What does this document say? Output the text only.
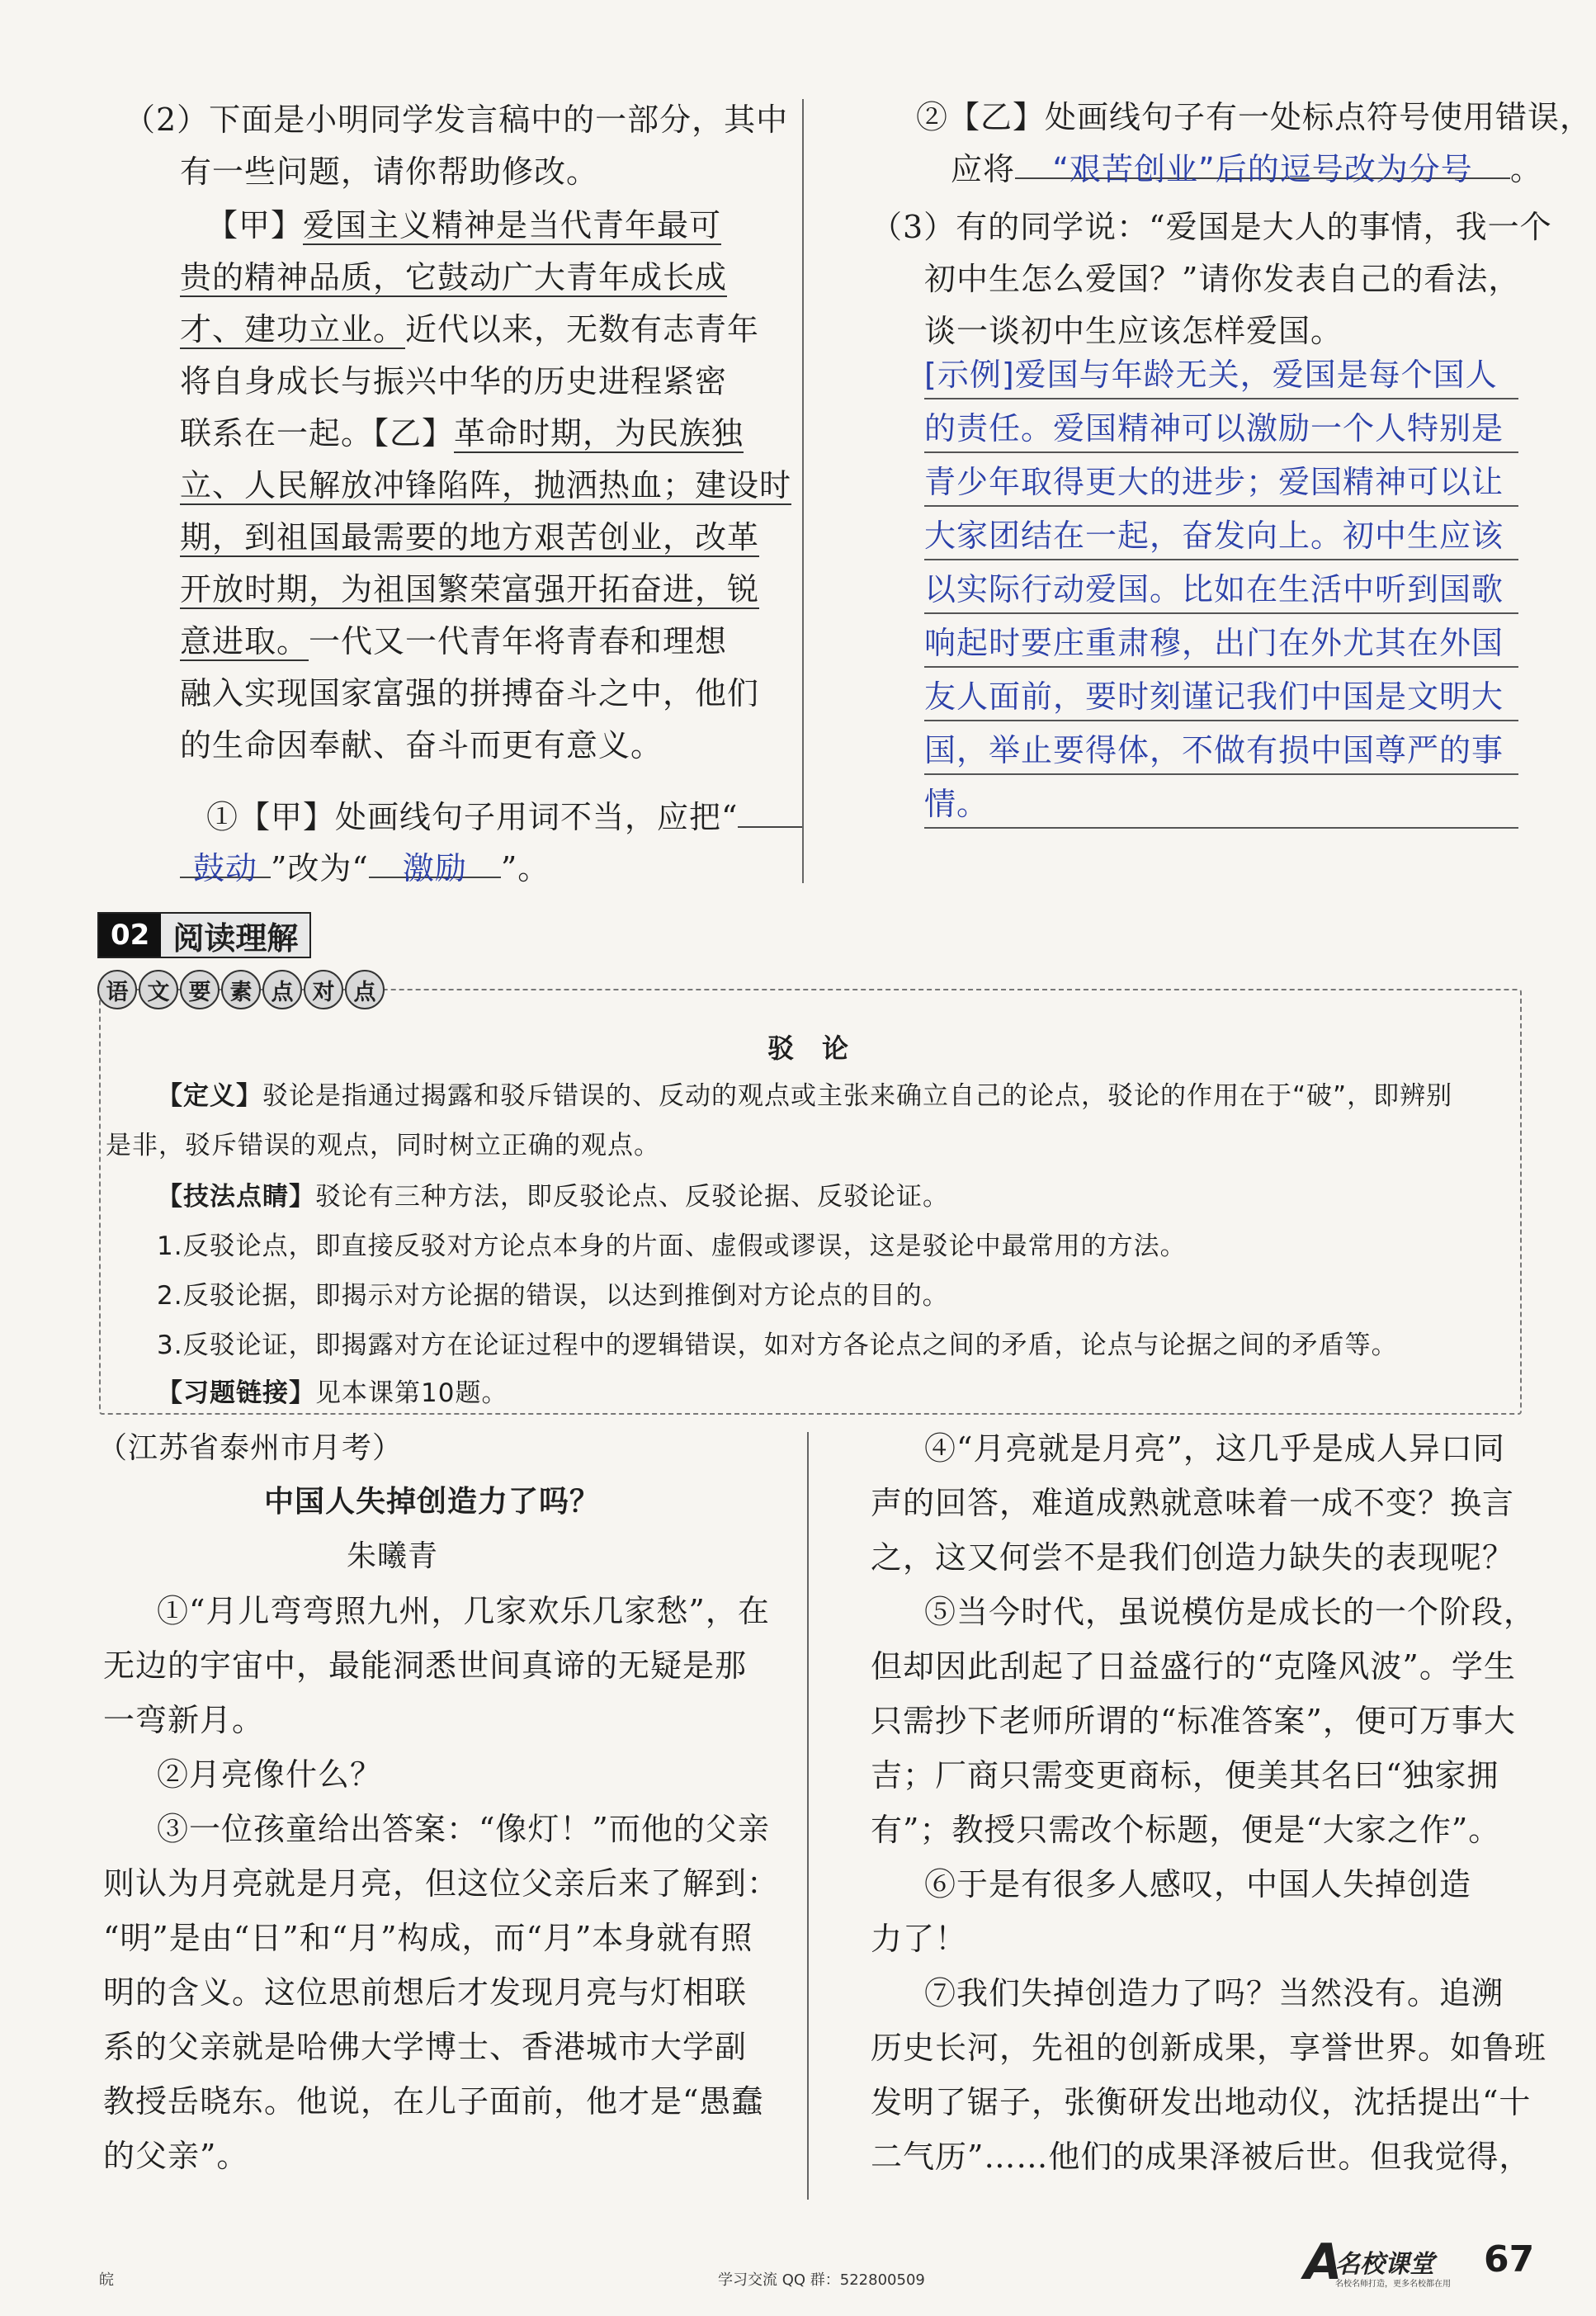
（2）下面是小明同学发言稿中的一部分，其中
有一些问题，请你帮助修改。
【甲】爱国主义精神是当代青年最可
贵的精神品质，它鼓动广大青年成长成
才、建功立业。近代以来，无数有志青年
将自身成长与振兴中华的历史进程紧密
联系在一起。【乙】革命时期，为民族独
立、人民解放冲锋陷阵，抛洒热血；建设时
期，到祖国最需要的地方艰苦创业，改革
开放时期，为祖国繁荣富强开拓奋进，锐
意进取。一代又一代青年将青春和理想
融入实现国家富强的拼搏奋斗之中，他们
的生命因奉献、奋斗而更有意义。
①【甲】处画线句子用词不当，应把“
鼓动 ”改为“ 激励 ”。
②【乙】处画线句子有一处标点符号使用错误，
应将 “艰苦创业”后的逗号改为分号 。
（3）有的同学说：“爱国是大人的事情，我一个
初中生怎么爱国？”请你发表自己的看法，
谈一谈初中生应该怎样爱国。
[示例]爱国与年龄无关，爱国是每个国人
的责任。爱国精神可以激励一个人特别是
青少年取得更大的进步；爱国精神可以让
大家团结在一起，奋发向上。初中生应该
以实际行动爱国。比如在生活中听到国歌
响起时要庄重肃穆，出门在外尤其在外国
友人面前，要时刻谨记我们中国是文明大
国，举止要得体，不做有损中国尊严的事
情。
02 阅读理解
语 文 要 素 点 对 点
驳　论
【定义】驳论是指通过揭露和驳斥错误的、反动的观点或主张来确立自己的论点，驳论的作用在于“破”，即辨别
是非，驳斥错误的观点，同时树立正确的观点。
【技法点睛】驳论有三种方法，即反驳论点、反驳论据、反驳论证。
1.反驳论点，即直接反驳对方论点本身的片面、虚假或谬误，这是驳论中最常用的方法。
2.反驳论据，即揭示对方论据的错误，以达到推倒对方论点的目的。
3.反驳论证，即揭露对方在论证过程中的逻辑错误，如对方各论点之间的矛盾，论点与论据之间的矛盾等。
【习题链接】见本课第10题。
（江苏省泰州市月考）
中国人失掉创造力了吗？
朱曦青
①“月儿弯弯照九州，几家欢乐几家愁”，在
无边的宇宙中，最能洞悉世间真谛的无疑是那
一弯新月。
②月亮像什么？
③一位孩童给出答案：“像灯！”而他的父亲
则认为月亮就是月亮，但这位父亲后来了解到：
“明”是由“日”和“月”构成，而“月”本身就有照
明的含义。这位思前想后才发现月亮与灯相联
系的父亲就是哈佛大学博士、香港城市大学副
教授岳晓东。他说，在儿子面前，他才是“愚蠢
的父亲”。
④“月亮就是月亮”，这几乎是成人异口同
声的回答，难道成熟就意味着一成不变？换言
之，这又何尝不是我们创造力缺失的表现呢？
⑤当今时代，虽说模仿是成长的一个阶段，
但却因此刮起了日益盛行的“克隆风波”。学生
只需抄下老师所谓的“标准答案”，便可万事大
吉；厂商只需变更商标，便美其名曰“独家拥
有”；教授只需改个标题，便是“大家之作”。
⑥于是有很多人感叹，中国人失掉创造
力了！
⑦我们失掉创造力了吗？当然没有。追溯
历史长河，先祖的创新成果，享誉世界。如鲁班
发明了锯子，张衡研发出地动仪，沈括提出“十
二气历”……他们的成果泽被后世。但我觉得，
皖	学习交流 QQ 群：522800509	A
名校课堂
名校名师打造，更多名校都在用
67
